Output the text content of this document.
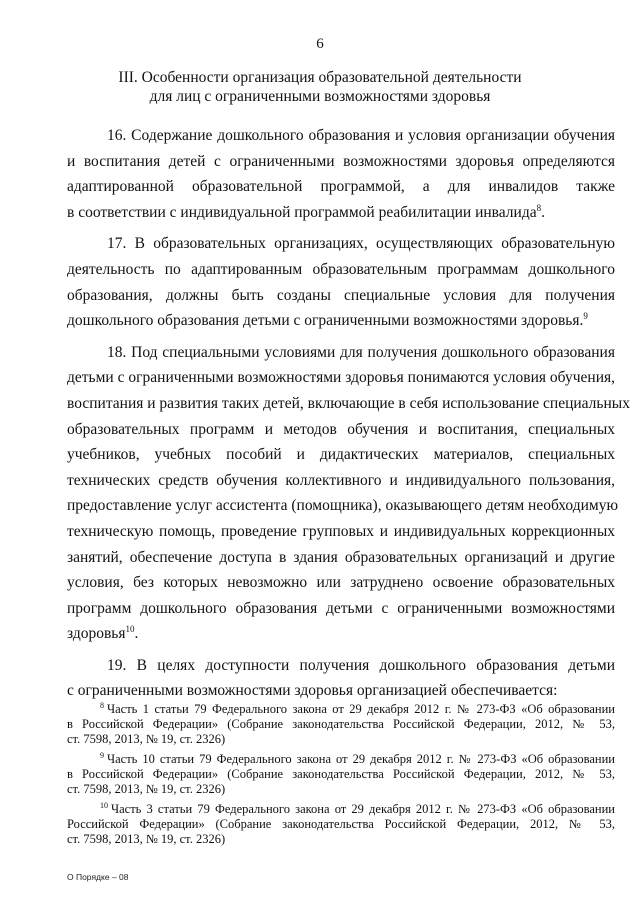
6
III. Особенности организация образовательной деятельности
для лиц с ограниченными возможностями здоровья

16. Содержание дошкольного образования и условия организации обучения
и воспитания детей с ограниченными возможностями здоровья определяются
адаптированной образовательной программой, а для инвалидов также
в соответствии с индивидуальной программой реабилитации инвалида$^8$.

17. В образовательных организациях, осуществляющих образовательную
деятельность по адаптированным образовательным программам дошкольного
образования, должны быть созданы специальные условия для получения
дошкольного образования детьми с ограниченными возможностями здоровья.$^9$

18. Под специальными условиями для получения дошкольного образования
детьми с ограниченными возможностями здоровья понимаются условия обучения,
воспитания и развития таких детей, включающие в себя использование специальных
образовательных программ и методов обучения и воспитания, специальных
учебников, учебных пособий и дидактических материалов, специальных
технических средств обучения коллективного и индивидуального пользования,
предоставление услуг ассистента (помощника), оказывающего детям необходимую
техническую помощь, проведение групповых и индивидуальных коррекционных
занятий, обеспечение доступа в здания образовательных организаций и другие
условия, без которых невозможно или затруднено освоение образовательных
программ дошкольного образования детьми с ограниченными возможностями
здоровья$^{10}$.

19. В целях доступности получения дошкольного образования детьми
с ограниченными возможностями здоровья организацией обеспечивается:

$^8$ Часть 1 статьи 79 Федерального закона от 29 декабря 2012 г. № 273-ФЗ «Об образовании
в Российской Федерации» (Собрание законодательства Российской Федерации, 2012, № 53,
ст. 7598, 2013, № 19, ст. 2326)
$^9$ Часть 10 статьи 79 Федерального закона от 29 декабря 2012 г. № 273-ФЗ «Об образовании
в Российской Федерации» (Собрание законодательства Российской Федерации, 2012, № 53,
ст. 7598, 2013, № 19, ст. 2326)
$^{10}$ Часть 3 статьи 79 Федерального закона от 29 декабря 2012 г. № 273-ФЗ «Об образовании
Российской Федерации» (Собрание законодательства Российской Федерации, 2012, № 53,
ст. 7598, 2013, № 19, ст. 2326)
О Порядке – 08
